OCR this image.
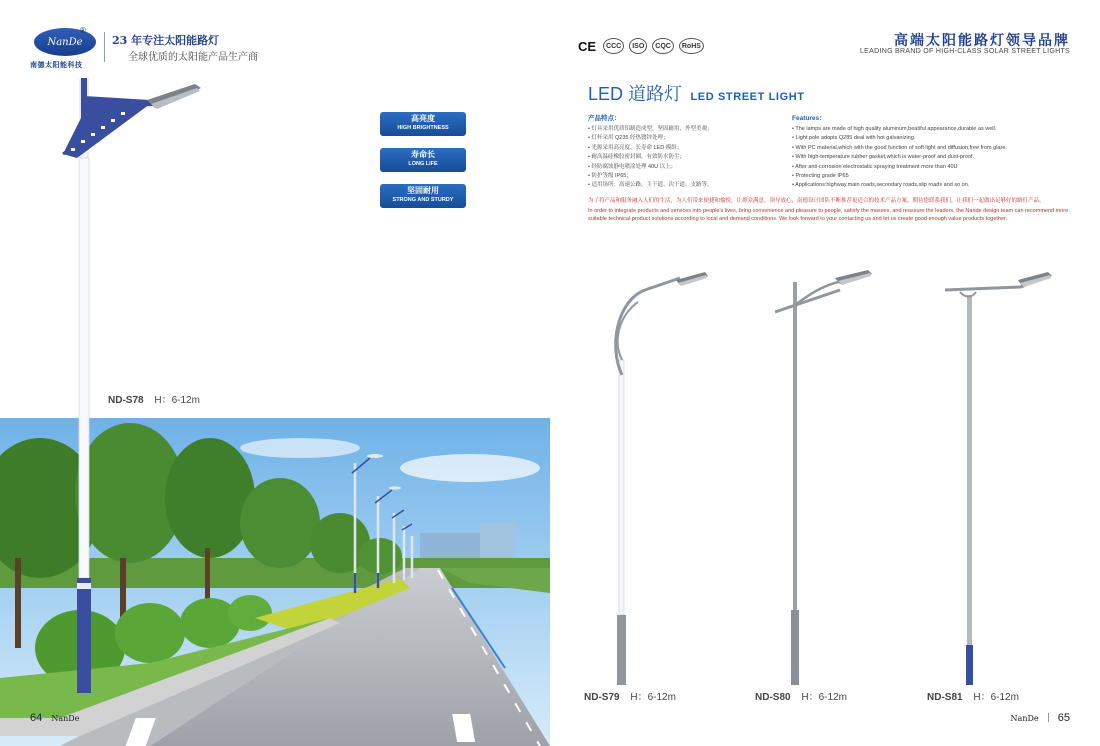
NanDe
®
南德太阳能科技
23 年专注太阳能路灯
全球优质的太阳能产品生产商
高亮度
HIGH BRIGHTNESS
寿命长
LONG LIFE
坚固耐用
STRONG AND STURDY
ND-S78 H：6-12m
64 NanDe
CE	CCC	ISO	CQC	RoHS	高端太阳能路灯领导品牌
LEADING BRAND OF HIGH-CLASS SOLAR STREET LIGHTS
LED 道路灯 LED STREET LIGHT
产品特点：
• 灯具采用优质铝制造成型，坚固耐用，外型美观；
• 灯杆采用 Q235 经热镀锌处理；
• 光源采用高亮度、长寿命 LED 模组；
• 耐高温硅橡胶密封圈，有效防水防尘；
• 经防腐蚀静电喷涂处理 40U 以上；
• 防护等级 IP65；
• 适用场所：高速公路、主干道、次干道、支路等。
Features：
• The lamps are made of high quality aluminum,beatiful appearance,durable as well.
• Light pole adopts Q285 deal with hot galvanizing.
• With PC material,which with the good function of soft light and diffusion,free from glare.
• With high-temperature rubber gasket,which is water-proof and dust-proof.
• After anti-corrosion electrostatic spraying treatment more than 40U
• Protecting grade IP65
• Applications:highway,main roads,secondary roads,slip roads and so on.
为了将产品和服务融入人们的生活，为人们带来便捷和愉悦，让群众满意，领导放心，南德设计团队不断推荐更适合的技术产品方案，期待您联系我们，让我们一起做出足够好的路灯产品。
In order to integrate products and services into people's lives, bring convenience and pleasure to people, satisfy the masses, and reassure the leaders, the Nande design team can recommend more suitable technical product solutions according to local and demand conditions. We look forward to your contacting us and let us create good enough value products together.
ND-S79 H：6-12m	ND-S80 H：6-12m	ND-S81 H：6-12m
NanDe 65
